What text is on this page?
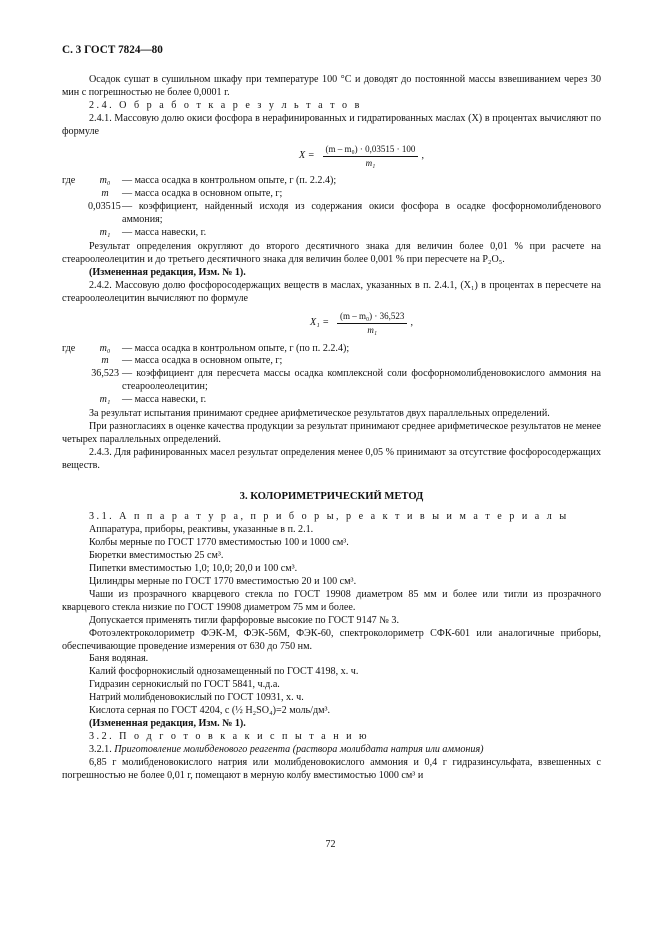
С. 3 ГОСТ 7824—80

Осадок сушат в сушильном шкафу при температуре 100 °С и доводят до постоянной массы взвешиванием через 30 мин с погрешностью не более 0,0001 г.

2.4. О б р а б о т к а р е з у л ь т а т о в

2.4.1. Массовую долю окиси фосфора в нерафинированных и гидратированных маслах (X) в процентах вычисляют по формуле

$X = \frac{\text{(m – m₀) · 0,03515 · 100}}{\text{m₁}}$ ,
где	m₀	— масса осадка в контрольном опыте, г (п. 2.2.4);
m	— масса осадка в основном опыте, г;
0,03515 — коэффициент, найденный исходя из содержания окиси фосфора в осадке фосфорномолибденового аммония;
m₁	— масса навески, г.

Результат определения округляют до второго десятичного знака для величин более 0,01 % при расчете на стеароолеолецитин и до третьего десятичного знака для величин более 0,001 % при пересчете на P₂O₅.

(Измененная редакция, Изм. № 1).

2.4.2. Массовую долю фосфоросодержащих веществ в маслах, указанных в п. 2.4.1, (X₁) в процентах в пересчете на стеароолеолецитин вычисляют по формуле

$X_1 = \frac{\text{(m – m₀) · 36,523}}{\text{m₁}}$ ,
где	m₀	— масса осадка в контрольном опыте, г (по п. 2.2.4);
m	— масса осадка в основном опыте, г;
36,523 — коэффициент для пересчета массы осадка комплексной соли фосфорномолибденовокислого аммония на стеароолеолецитин;
m₁	— масса навески, г.

За результат испытания принимают среднее арифметическое результатов двух параллельных определений.

При разногласиях в оценке качества продукции за результат принимают среднее арифметическое результатов не менее четырех параллельных определений.

2.4.3. Для рафинированных масел результат определения менее 0,05 % принимают за отсутствие фосфоросодержащих веществ.

3. КОЛОРИМЕТРИЧЕСКИЙ МЕТОД

3.1. А п п а р а т у р а, п р и б о р ы, р е а к т и в ы и м а т е р и а л ы

Аппаратура, приборы, реактивы, указанные в п. 2.1.

Колбы мерные по ГОСТ 1770 вместимостью 100 и 1000 см³.

Бюретки вместимостью 25 см³.

Пипетки вместимостью 1,0; 10,0; 20,0 и 100 см³.

Цилиндры мерные по ГОСТ 1770 вместимостью 20 и 100 см³.

Чаши из прозрачного кварцевого стекла по ГОСТ 19908 диаметром 85 мм и более или тигли из прозрачного кварцевого стекла низкие по ГОСТ 19908 диаметром 75 мм и более.

Допускается применять тигли фарфоровые высокие по ГОСТ 9147 № 3.

Фотоэлектроколориметр ФЭК-М, ФЭК-56М, ФЭК-60, спектроколориметр СФК-601 или аналогичные приборы, обеспечивающие проведение измерения от 630 до 750 нм.

Баня водяная.

Калий фосфорнокислый однозамещенный по ГОСТ 4198, х. ч.

Гидразин сернокислый по ГОСТ 5841, ч.д.а.

Натрий молибденовокислый по ГОСТ 10931, х. ч.

Кислота серная по ГОСТ 4204, c (½ H₂SO₄)=2 моль/дм³.

(Измененная редакция, Изм. № 1).

3.2. П о д г о т о в к а к и с п ы т а н и ю

3.2.1. Приготовление молибденового реагента (раствора молибдата натрия или аммония)

6,85 г молибденовокислого натрия или молибденовокислого аммония и 0,4 г гидразинсульфата, взвешенных с погрешностью не более 0,01 г, помещают в мерную колбу вместимостью 1000 см³ и

72
